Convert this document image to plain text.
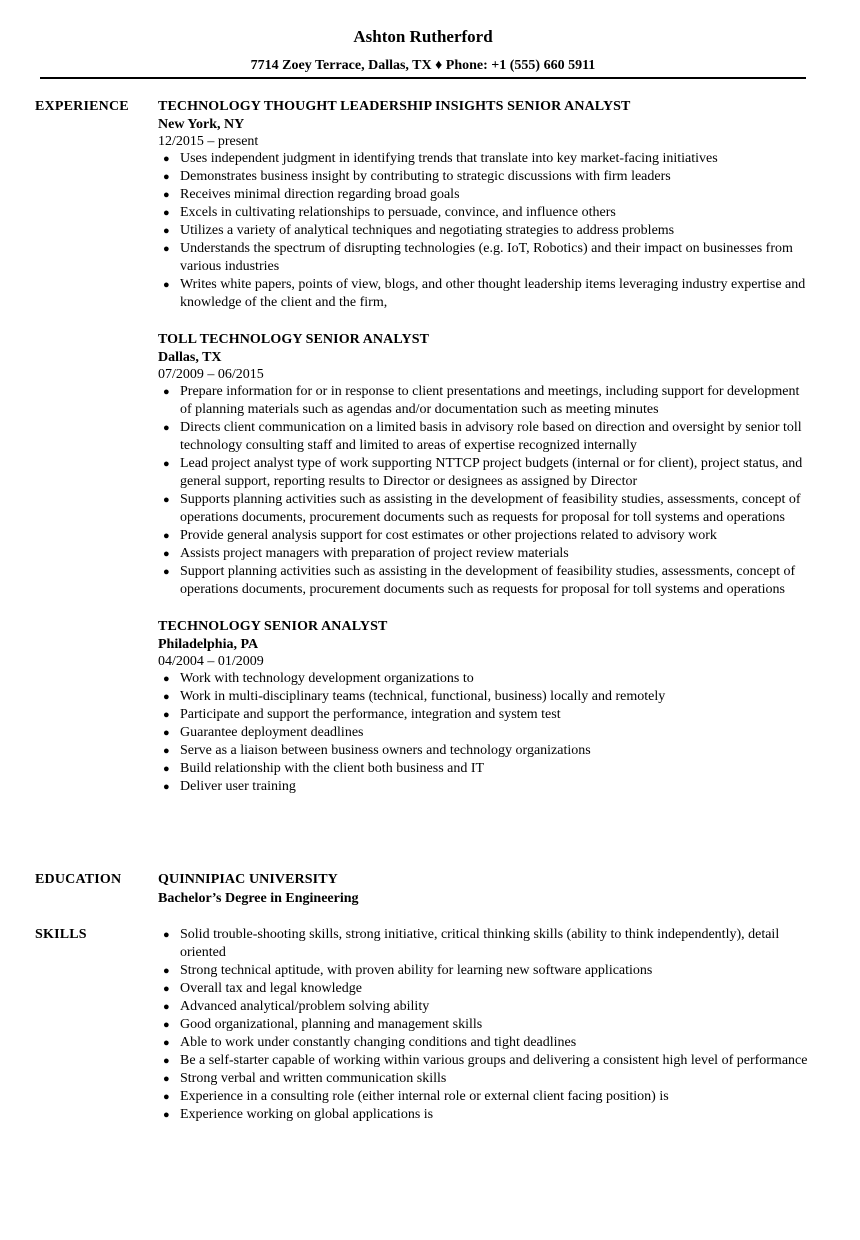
Ashton Rutherford
7714 Zoey Terrace, Dallas, TX ♦ Phone: +1 (555) 660 5911
EXPERIENCE TECHNOLOGY THOUGHT LEADERSHIP INSIGHTS SENIOR ANALYST
New York, NY
12/2015 – present
● Uses independent judgment in identifying trends that translate into key market-facing initiatives
● Demonstrates business insight by contributing to strategic discussions with firm leaders
● Receives minimal direction regarding broad goals
● Excels in cultivating relationships to persuade, convince, and influence others
● Utilizes a variety of analytical techniques and negotiating strategies to address problems
● Understands the spectrum of disrupting technologies (e.g. IoT, Robotics) and their impact on businesses from various industries
● Writes white papers, points of view, blogs, and other thought leadership items leveraging industry expertise and knowledge of the client and the firm,
TOLL TECHNOLOGY SENIOR ANALYST
Dallas, TX
07/2009 – 06/2015
● Prepare information for or in response to client presentations and meetings, including support for development of planning materials such as agendas and/or documentation such as meeting minutes
● Directs client communication on a limited basis in advisory role based on direction and oversight by senior toll technology consulting staff and limited to areas of expertise recognized internally
● Lead project analyst type of work supporting NTTCP project budgets (internal or for client), project status, and general support, reporting results to Director or designees as assigned by Director
● Supports planning activities such as assisting in the development of feasibility studies, assessments, concept of operations documents, procurement documents such as requests for proposal for toll systems and operations
● Provide general analysis support for cost estimates or other projections related to advisory work
● Assists project managers with preparation of project review materials
● Support planning activities such as assisting in the development of feasibility studies, assessments, concept of operations documents, procurement documents such as requests for proposal for toll systems and operations
TECHNOLOGY SENIOR ANALYST
Philadelphia, PA
04/2004 – 01/2009
● Work with technology development organizations to
● Work in multi-disciplinary teams (technical, functional, business) locally and remotely
● Participate and support the performance, integration and system test
● Guarantee deployment deadlines
● Serve as a liaison between business owners and technology organizations
● Build relationship with the client both business and IT
● Deliver user training
EDUCATION	QUINNIPIAC UNIVERSITY
Bachelor’s Degree in Engineering
SKILLS	● Solid trouble-shooting skills, strong initiative, critical thinking skills (ability to think independently), detail oriented
● Strong technical aptitude, with proven ability for learning new software applications
● Overall tax and legal knowledge
● Advanced analytical/problem solving ability
● Good organizational, planning and management skills
● Able to work under constantly changing conditions and tight deadlines
● Be a self-starter capable of working within various groups and delivering a consistent high level of performance
● Strong verbal and written communication skills
● Experience in a consulting role (either internal role or external client facing position) is
● Experience working on global applications is
